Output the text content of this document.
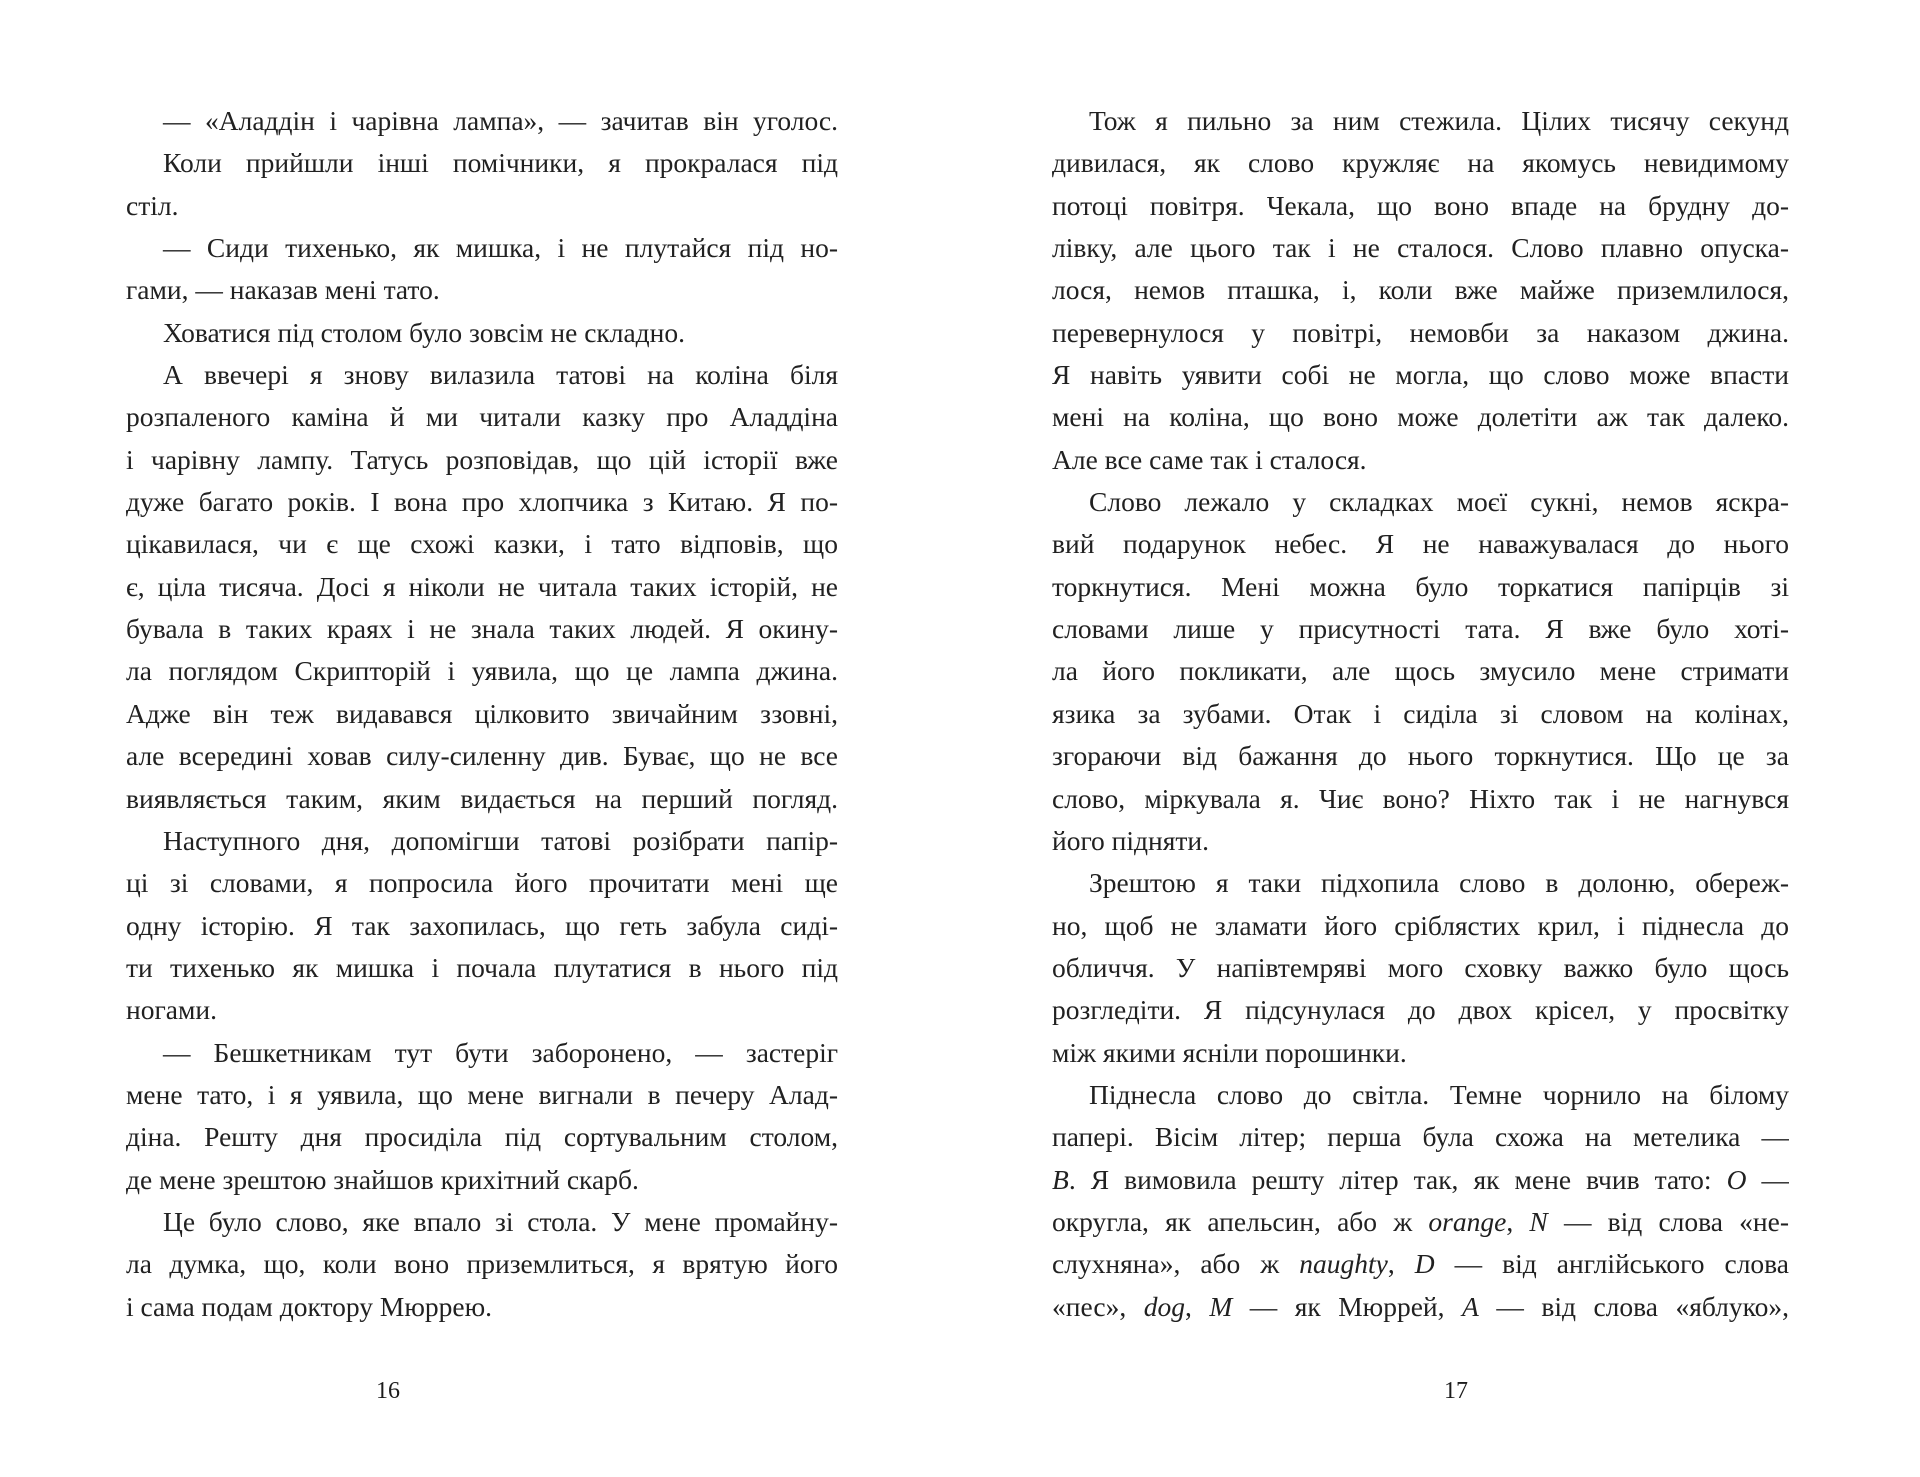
— «Аладдін і чарівна лампа», — зачитав він уголос.
Коли прийшли інші помічники, я прокралася під
стіл.
— Сиди тихенько, як мишка, і не плутайся під но-
гами, — наказав мені тато.
Ховатися під столом було зовсім не складно.
А ввечері я знову вилазила татові на коліна біля
розпаленого каміна й ми читали казку про Аладдіна
і чарівну лампу. Татусь розповідав, що цій історії вже
дуже багато років. І вона про хлопчика з Китаю. Я по-
цікавилася, чи є ще схожі казки, і тато відповів, що
є, ціла тисяча. Досі я ніколи не читала таких історій, не
бувала в таких краях і не знала таких людей. Я окину-
ла поглядом Скрипторій і уявила, що це лампа джина.
Адже він теж видавався цілковито звичайним ззовні,
але всередині ховав силу-силенну див. Буває, що не все
виявляється таким, яким видається на перший погляд.
Наступного дня, допомігши татові розібрати папір-
ці зі словами, я попросила його прочитати мені ще
одну історію. Я так захопилась, що геть забула сиді-
ти тихенько як мишка і почала плутатися в нього під
ногами.
— Бешкетникам тут бути заборонено, — застеріг
мене тато, і я уявила, що мене вигнали в печеру Алад-
діна. Решту дня просиділа під сортувальним столом,
де мене зрештою знайшов крихітний скарб.
Це було слово, яке впало зі стола. У мене промайну-
ла думка, що, коли воно приземлиться, я врятую його
і сама подам доктору Мюррею.
Тож я пильно за ним стежила. Цілих тисячу секунд
дивилася, як слово кружляє на якомусь невидимому
потоці повітря. Чекала, що воно впаде на брудну до-
лівку, але цього так і не сталося. Слово плавно опуска-
лося, немов пташка, і, коли вже майже приземлилося,
перевернулося у повітрі, немовби за наказом джина.
Я навіть уявити собі не могла, що слово може впасти
мені на коліна, що воно може долетіти аж так далеко.
Але все саме так і сталося.
Слово лежало у складках моєї сукні, немов яскра-
вий подарунок небес. Я не наважувалася до нього
торкнутися. Мені можна було торкатися папірців зі
словами лише у присутності тата. Я вже було хоті-
ла його покликати, але щось змусило мене стримати
язика за зубами. Отак і сиділа зі словом на колінах,
згораючи від бажання до нього торкнутися. Що це за
слово, міркувала я. Чиє воно? Ніхто так і не нагнувся
його підняти.
Зрештою я таки підхопила слово в долоню, обереж-
но, щоб не зламати його сріблястих крил, і піднесла до
обличчя. У напівтемряві мого сховку важко було щось
розгледіти. Я підсунулася до двох крісел, у просвітку
між якими ясніли порошинки.
Піднесла слово до світла. Темне чорнило на білому
папері. Вісім літер; перша була схожа на метелика —
B. Я вимовила решту літер так, як мене вчив тато: O —
округла, як апельсин, або ж orange, N — від слова «не-
слухняна», або ж naughty, D — від англійського слова
«пес», dog, M — як Мюррей, A — від слова «яблуко»,
16	17
